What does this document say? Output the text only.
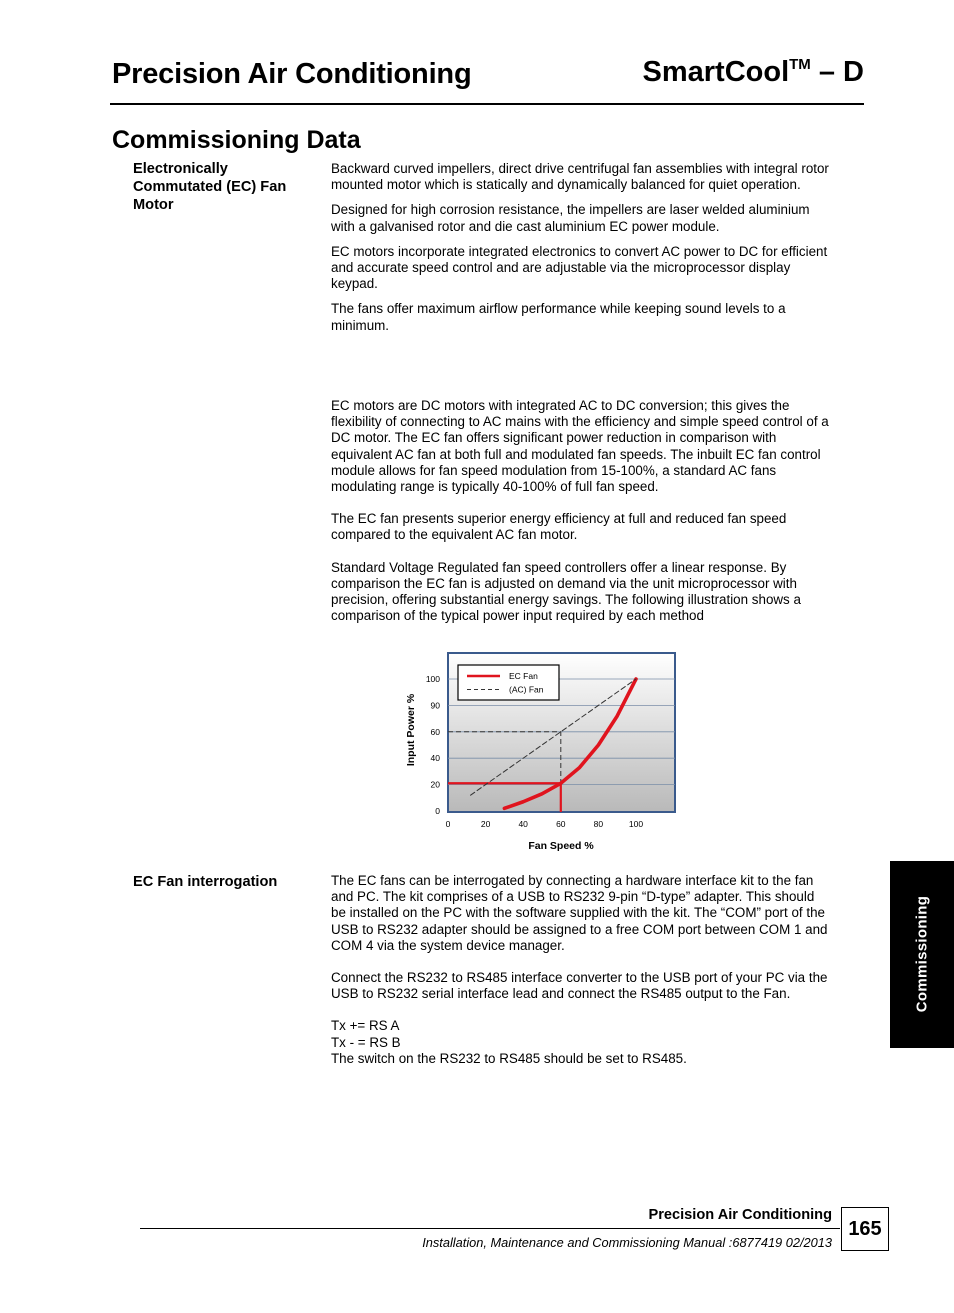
Precision Air Conditioning	SmartCool™ – D
Commissioning Data
Electronically Commutated (EC) Fan Motor

Backward curved impellers, direct drive centrifugal fan assemblies with integral rotor mounted motor which is statically and dynamically balanced for quiet operation.

Designed for high corrosion resistance, the impellers are laser welded aluminium with a galvanised rotor and die cast aluminium EC power module.

EC motors incorporate integrated electronics to convert AC power to DC for efficient and accurate speed control and are adjustable via the microprocessor display keypad.

The fans offer maximum airflow performance while keeping sound levels to a minimum.

EC motors are DC motors with integrated AC to DC conversion; this gives the flexibility of connecting to AC mains with the efficiency and simple speed control of a DC motor. The EC fan offers significant power reduction in comparison with equivalent AC fan at both full and modulated fan speeds. The inbuilt EC fan control module allows for fan speed modulation from 15-100%, a standard AC fans modulating range is typically 40-100% of full fan speed.

The EC fan presents superior energy efficiency at full and reduced fan speed compared to the equivalent AC fan motor.

Standard Voltage Regulated fan speed controllers offer a linear response. By comparison the EC fan is adjusted on demand via the unit microprocessor with precision, offering substantial energy savings. The following illustration shows a comparison of the typical power input required by each method

0
20
40
60
90
100
0	20	40	60	80	100
EC Fan
(AC) Fan
Fan Speed %
Input Power %
EC Fan interrogation	The EC fans can be interrogated by connecting a hardware interface kit to the fan and PC. The kit comprises of a USB to RS232 9-pin “D-type” adapter. This should be installed on the PC with the software supplied with the kit. The “COM” port of the USB to RS232 adapter should be assigned to a free COM port between COM 1 and COM 4 via the system device manager.

Connect the RS232 to RS485 interface converter to the USB port of your PC via the USB to RS232 serial interface lead and connect the RS485 output to the Fan.

Tx += RS A

Tx - = RS B

The switch on the RS232 to RS485 should be set to RS485.

Commissioning
Precision Air Conditioning
Installation, Maintenance and Commissioning Manual :6877419 02/2013
165
